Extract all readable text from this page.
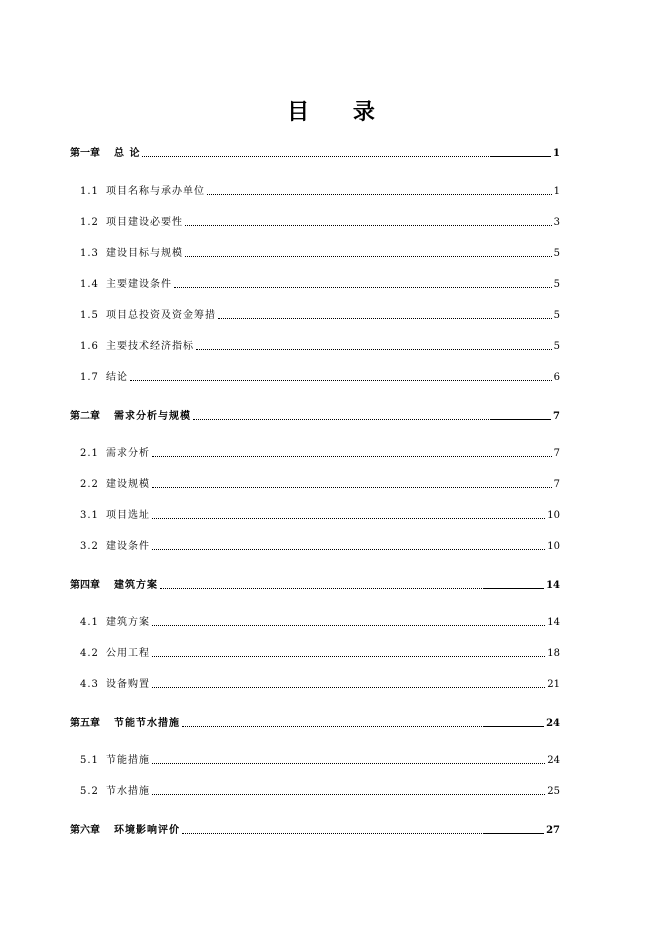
目 录
第一章 总 论	1
1.1 项目名称与承办单位	1
1.2 项目建设必要性	3
1.3 建设目标与规模	5
1.4 主要建设条件	5
1.5 项目总投资及资金筹措	5
1.6 主要技术经济指标	5
1.7 结论	6
第二章 需求分析与规模	7
2.1 需求分析	7
2.2 建设规模	7
3.1 项目选址	10
3.2 建设条件	10
第四章 建筑方案	14
4.1 建筑方案	14
4.2 公用工程	18
4.3 设备购置	21
第五章 节能节水措施	24
5.1 节能措施	24
5.2 节水措施	25
第六章 环境影响评价	27
